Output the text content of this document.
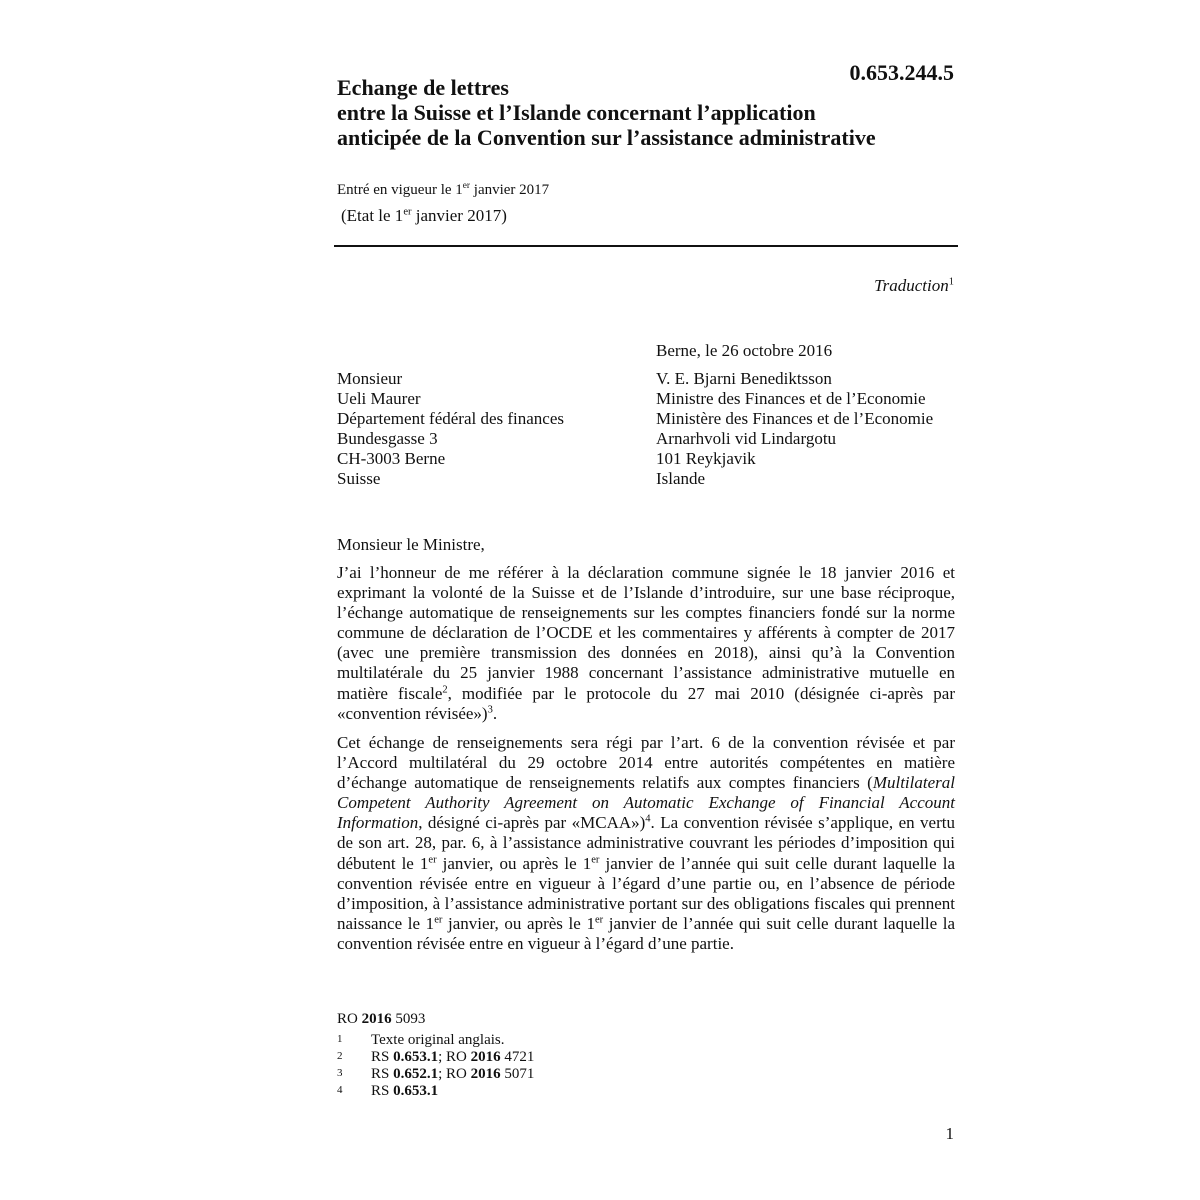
0.653.244.5
Echange de lettres
entre la Suisse et l’Islande concernant l’application
anticipée de la Convention sur l’assistance administrative
Entré en vigueur le 1er janvier 2017
(Etat le 1er janvier 2017)
Traduction$^1$
Berne, le 26 octobre 2016
Monsieur
Ueli Maurer
Département fédéral des finances
Bundesgasse 3
CH-3003 Berne
Suisse
V. E. Bjarni Benediktsson
Ministre des Finances et de l’Economie
Ministère des Finances et de l’Economie
Arnarhvoli vid Lindargotu
101 Reykjavik
Islande
Monsieur le Ministre,
J’ai l’honneur de me référer à la déclaration commune signée le 18 janvier 2016 et exprimant la volonté de la Suisse et de l’Islande d’introduire, sur une base réciproque, l’échange automatique de renseignements sur les comptes financiers fondé sur la norme commune de déclaration de l’OCDE et les commentaires y afférents à compter de 2017 (avec une première transmission des données en 2018), ainsi qu’à la Convention multilatérale du 25 janvier 1988 concernant l’assistance administrative mutuelle en matière fiscale$^2$, modifiée par le protocole du 27 mai 2010 (désignée ci-après par «convention révisée»)$^3$.
Cet échange de renseignements sera régi par l’art. 6 de la convention révisée et par l’Accord multilatéral du 29 octobre 2014 entre autorités compétentes en matière d’échange automatique de renseignements relatifs aux comptes financiers (Multilateral Competent Authority Agreement on Automatic Exchange of Financial Account Information, désigné ci-après par «MCAA»)$^4$. La convention révisée s’applique, en vertu de son art. 28, par. 6, à l’assistance administrative couvrant les périodes d’imposition qui débutent le 1er janvier, ou après le 1er janvier de l’année qui suit celle durant laquelle la convention révisée entre en vigueur à l’égard d’une partie ou, en l’absence de période d’imposition, à l’assistance administrative portant sur des obligations fiscales qui prennent naissance le 1er janvier, ou après le 1er janvier de l’année qui suit celle durant laquelle la convention révisée entre en vigueur à l’égard d’une partie.
RO 2016 5093
1 Texte original anglais.
2 RS 0.653.1; RO 2016 4721
3 RS 0.652.1; RO 2016 5071
4 RS 0.653.1
1
